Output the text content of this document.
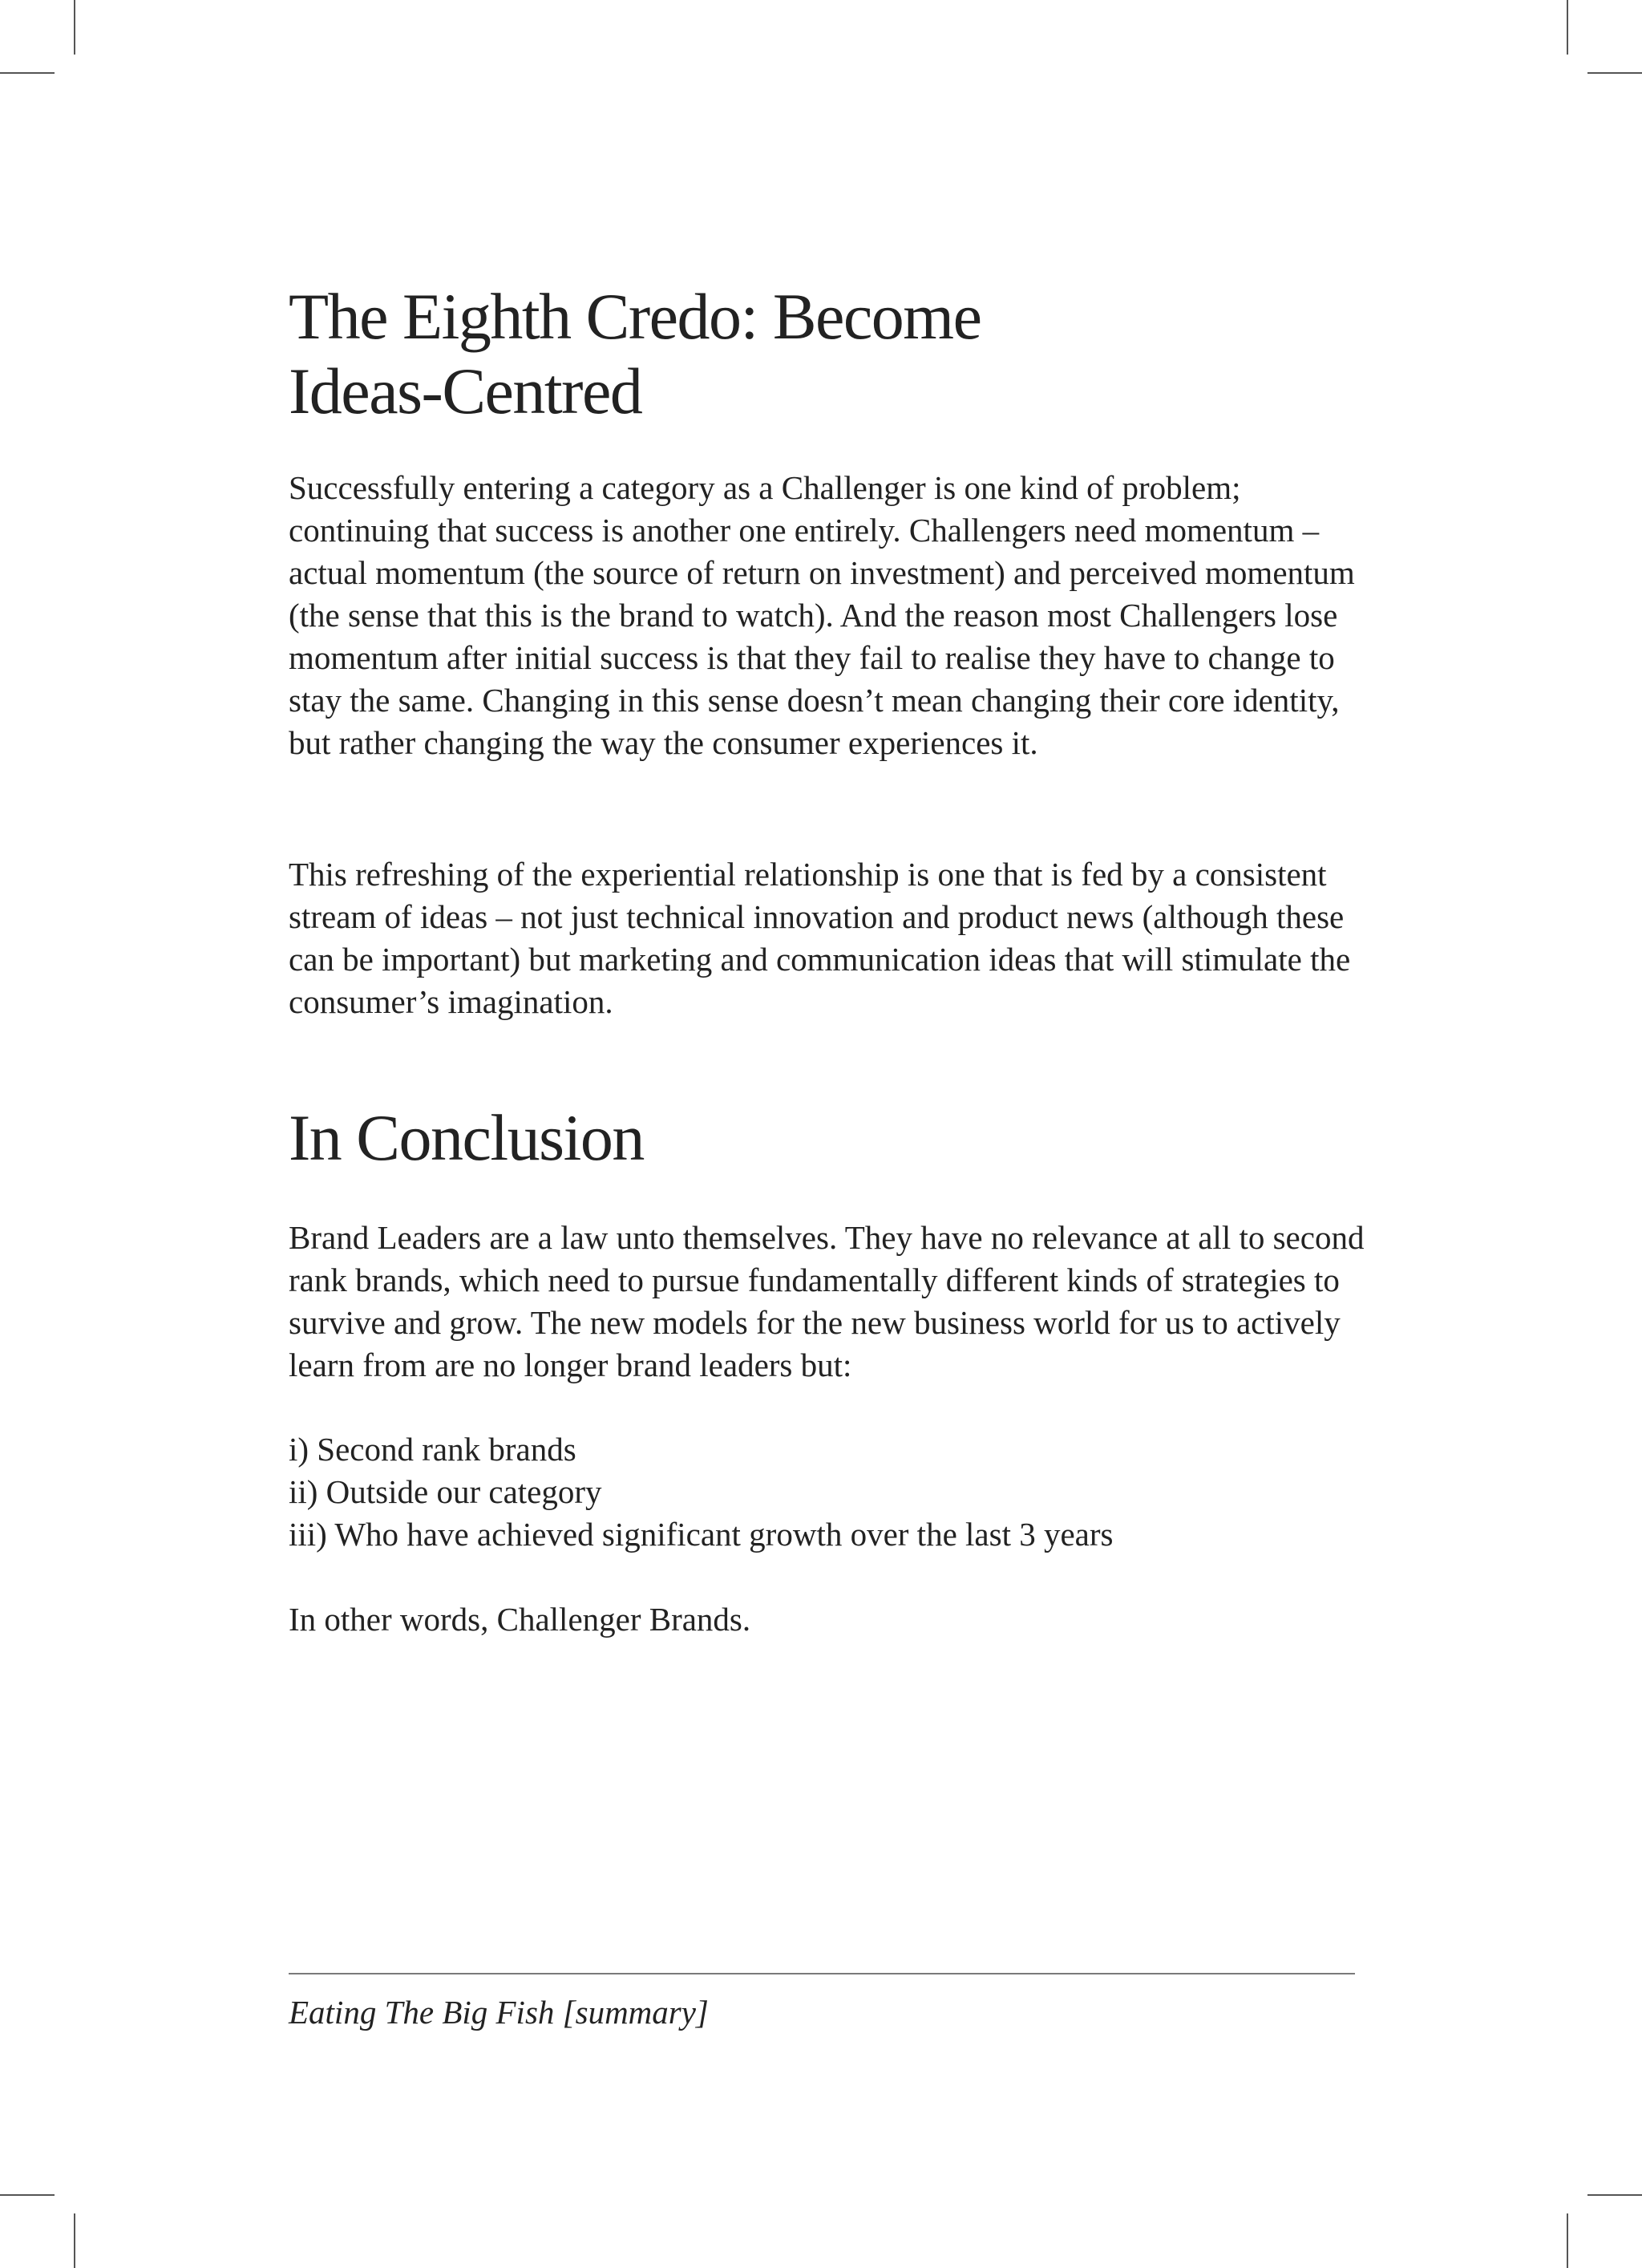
The Eighth Credo: Become
Ideas-Centred

Successfully entering a category as a Challenger is one kind of problem; continuing that success is another one entirely. Challengers need momentum – actual momentum (the source of return on investment) and perceived momentum (the sense that this is the brand to watch). And the reason most Challengers lose momentum after initial success is that they fail to realise they have to change to stay the same. Changing in this sense doesn’t mean changing their core identity, but rather changing the way the consumer experiences it.

This refreshing of the experiential relationship is one that is fed by a consistent stream of ideas – not just technical innovation and product news (although these can be important) but marketing and communication ideas that will stimulate the consumer’s imagination.

In Conclusion

Brand Leaders are a law unto themselves. They have no relevance at all to second rank brands, which need to pursue fundamentally different kinds of strategies to survive and grow. The new models for the new business world for us to actively learn from are no longer brand leaders but:

i) Second rank brands
ii) Outside our category
iii) Who have achieved significant growth over the last 3 years

In other words, Challenger Brands.

Eating The Big Fish [summary]
